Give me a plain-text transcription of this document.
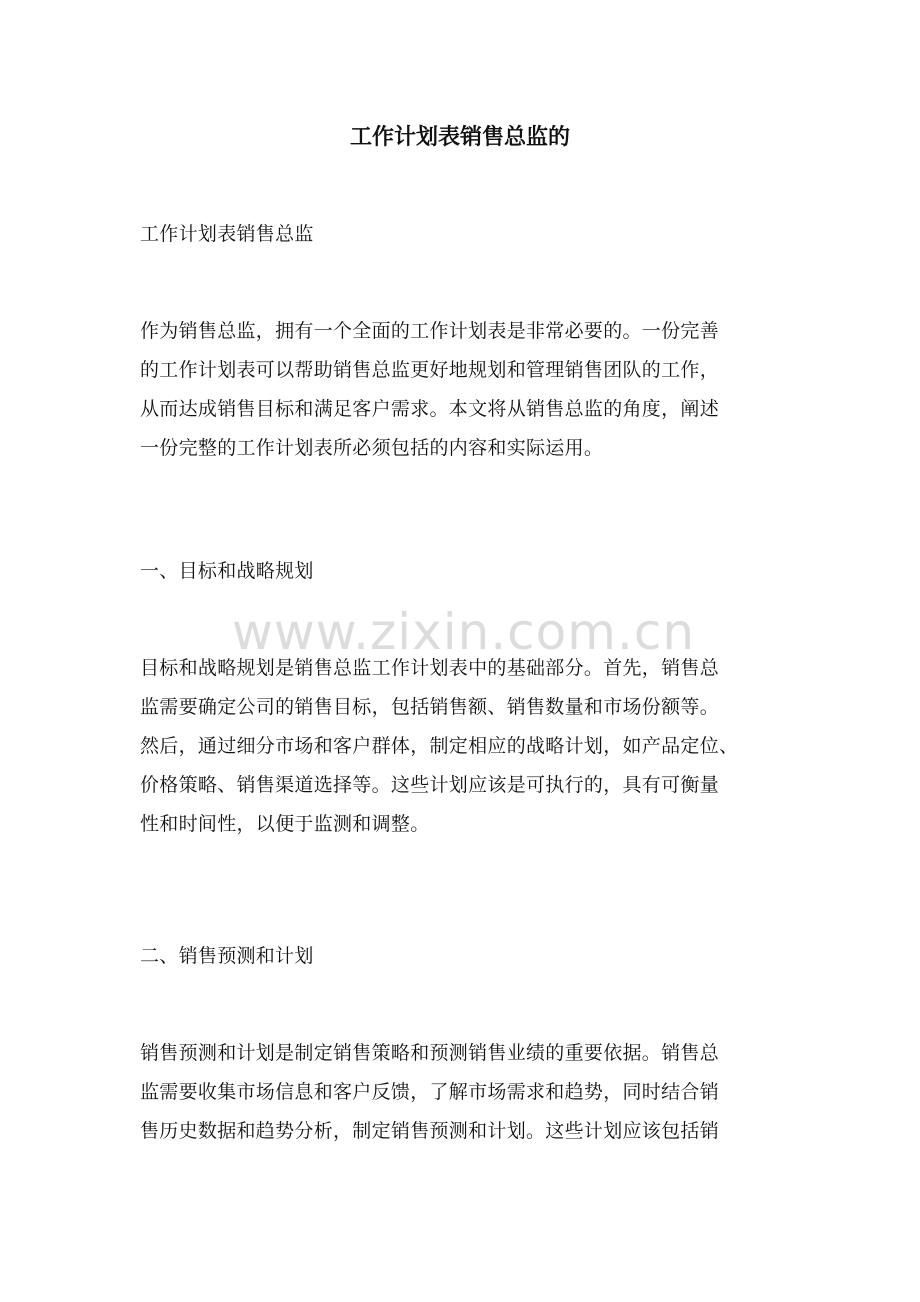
工作计划表销售总监的

工作计划表销售总监

作为销售总监，拥有一个全面的工作计划表是非常必要的。一份完善
的工作计划表可以帮助销售总监更好地规划和管理销售团队的工作，
从而达成销售目标和满足客户需求。本文将从销售总监的角度，阐述
一份完整的工作计划表所必须包括的内容和实际运用。

一、目标和战略规划

www.zixin.com.cn
目标和战略规划是销售总监工作计划表中的基础部分。首先，销售总
监需要确定公司的销售目标，包括销售额、销售数量和市场份额等。
然后，通过细分市场和客户群体，制定相应的战略计划，如产品定位、
价格策略、销售渠道选择等。这些计划应该是可执行的，具有可衡量
性和时间性，以便于监测和调整。

二、销售预测和计划

销售预测和计划是制定销售策略和预测销售业绩的重要依据。销售总
监需要收集市场信息和客户反馈，了解市场需求和趋势，同时结合销
售历史数据和趋势分析，制定销售预测和计划。这些计划应该包括销
